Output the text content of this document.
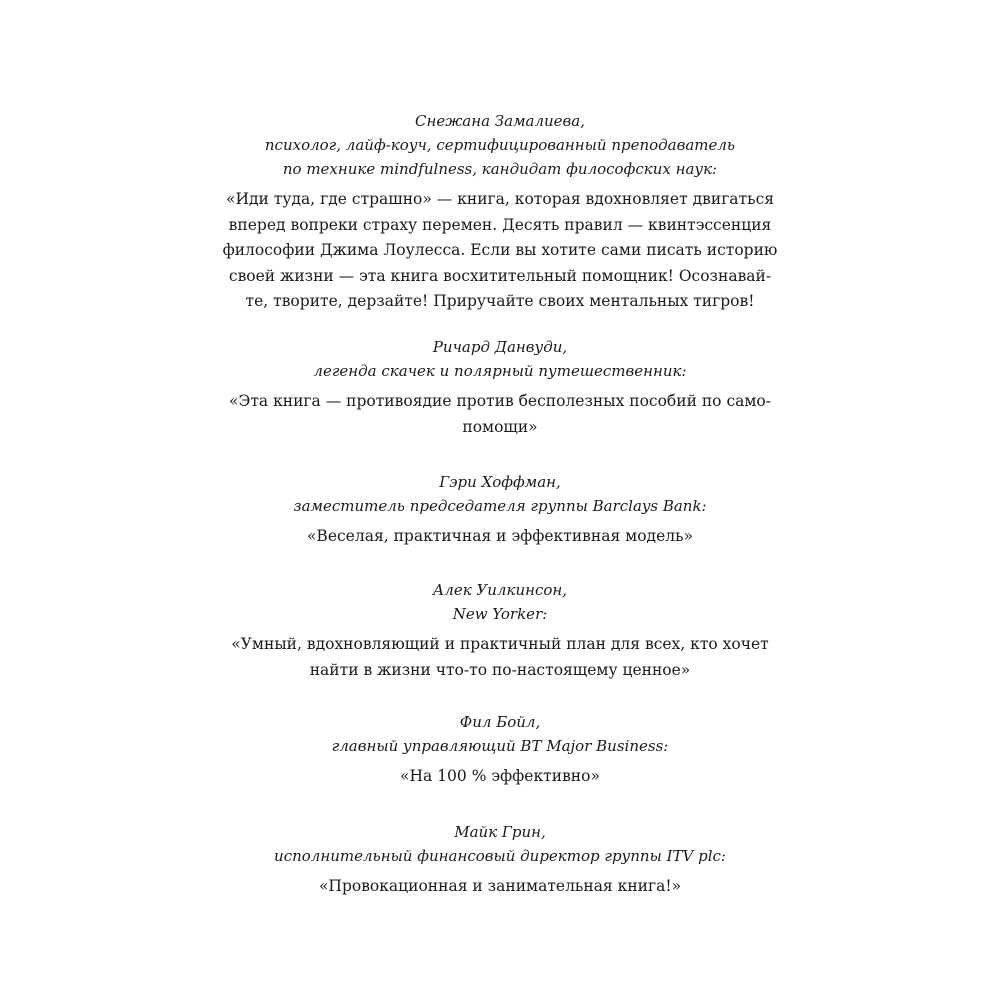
Снежана Замалиева,
психолог, лайф-коуч, сертифицированный преподаватель
по технике mindfulness, кандидат философских наук:
«Иди туда, где страшно» — книга, которая вдохновляет двигаться
вперед вопреки страху перемен. Десять правил — квинтэссенция
философии Джима Лоулесса. Если вы хотите сами писать историю
своей жизни — эта книга восхитительный помощник! Осознавай-
те, творите, дерзайте! Приручайте своих ментальных тигров!
Ричард Данвуди,
легенда скачек и полярный путешественник:
«Эта книга — противоядие против бесполезных пособий по само-
помощи»
Гэри Хоффман,
заместитель председателя группы Barclays Bank:
«Веселая, практичная и эффективная модель»
Алек Уилкинсон,
New Yorker:
«Умный, вдохновляющий и практичный план для всех, кто хочет
найти в жизни что-то по-настоящему ценное»
Фил Бойл,
главный управляющий BT Major Business:
«На 100 % эффективно»
Майк Грин,
исполнительный финансовый директор группы ITV plc:
«Провокационная и занимательная книга!»
